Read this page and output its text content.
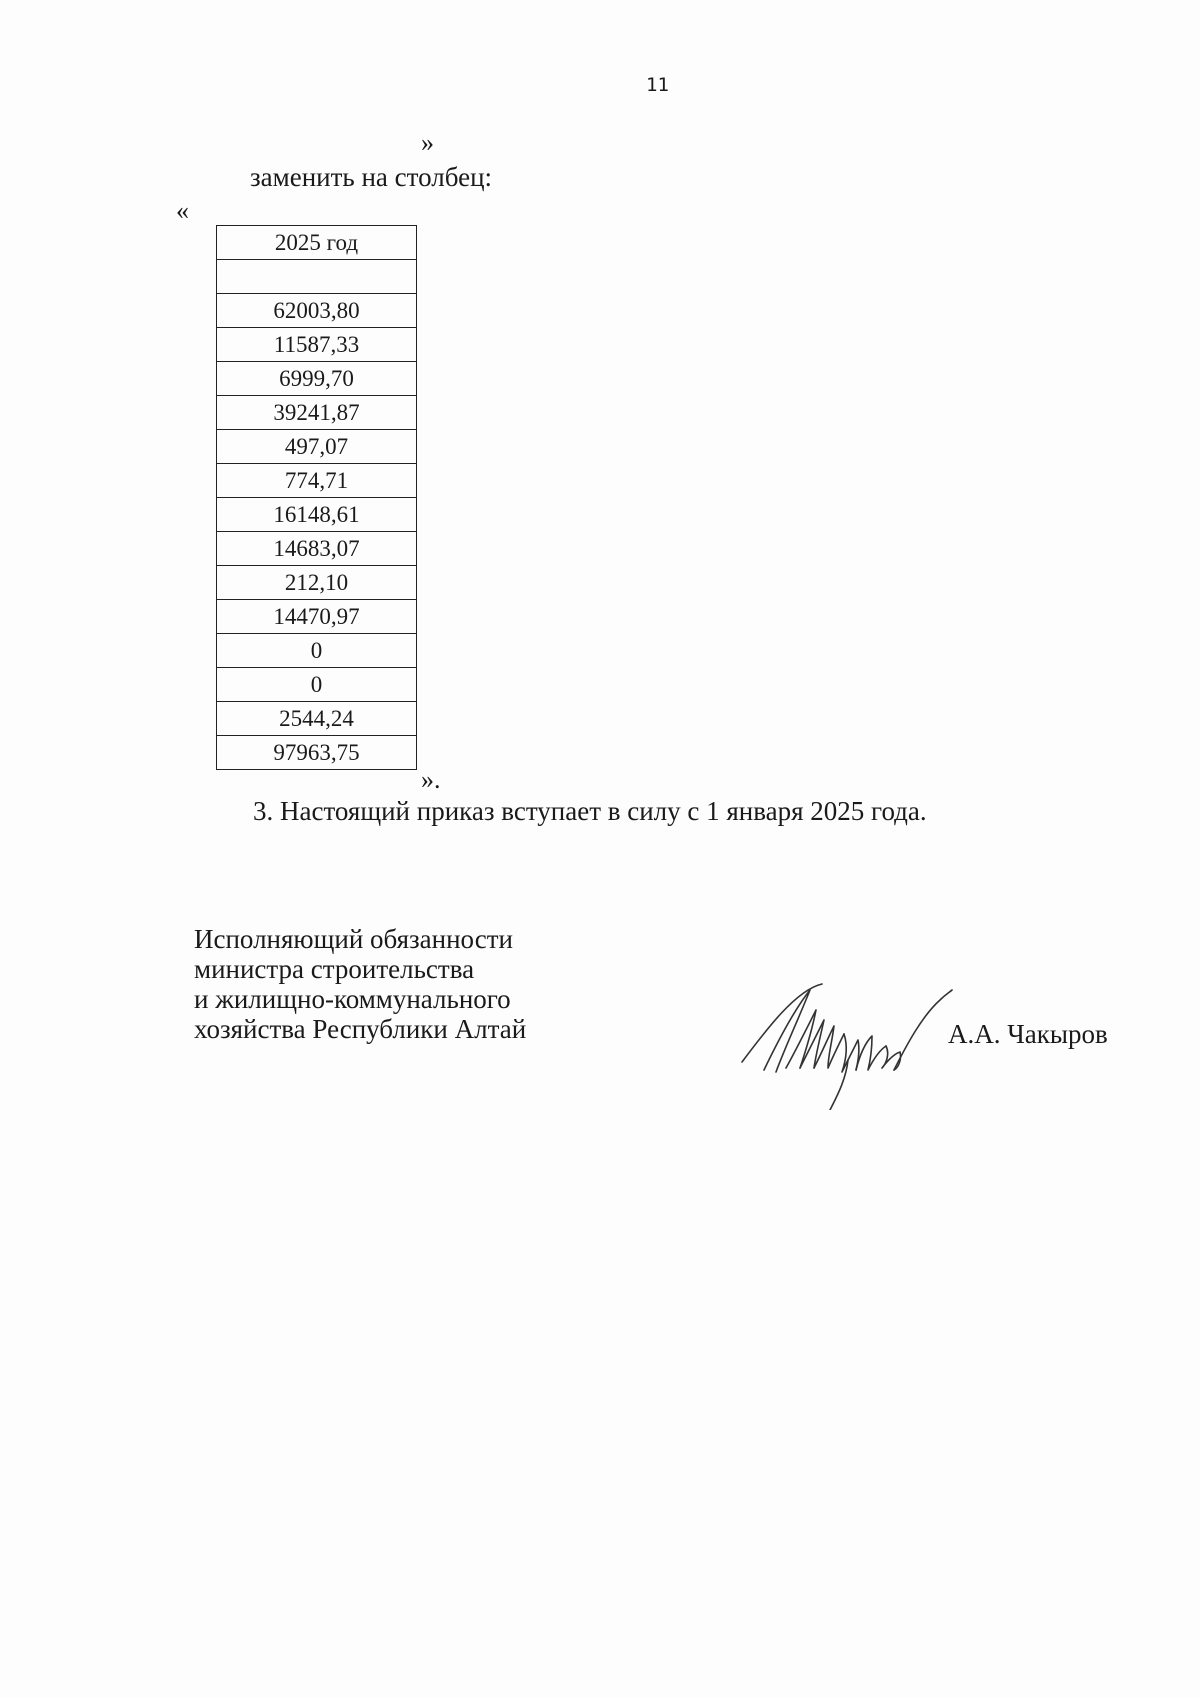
11
»
заменить на столбец:
«
2025 год

62003,80
11587,33
6999,70
39241,87
497,07
774,71
16148,61
14683,07
212,10
14470,97
0
0
2544,24
97963,75
».
3. Настоящий приказ вступает в силу с 1 января 2025 года.
Исполняющий обязанности
министра строительства
и жилищно-коммунального
хозяйства Республики Алтай	А.А. Чакыров
